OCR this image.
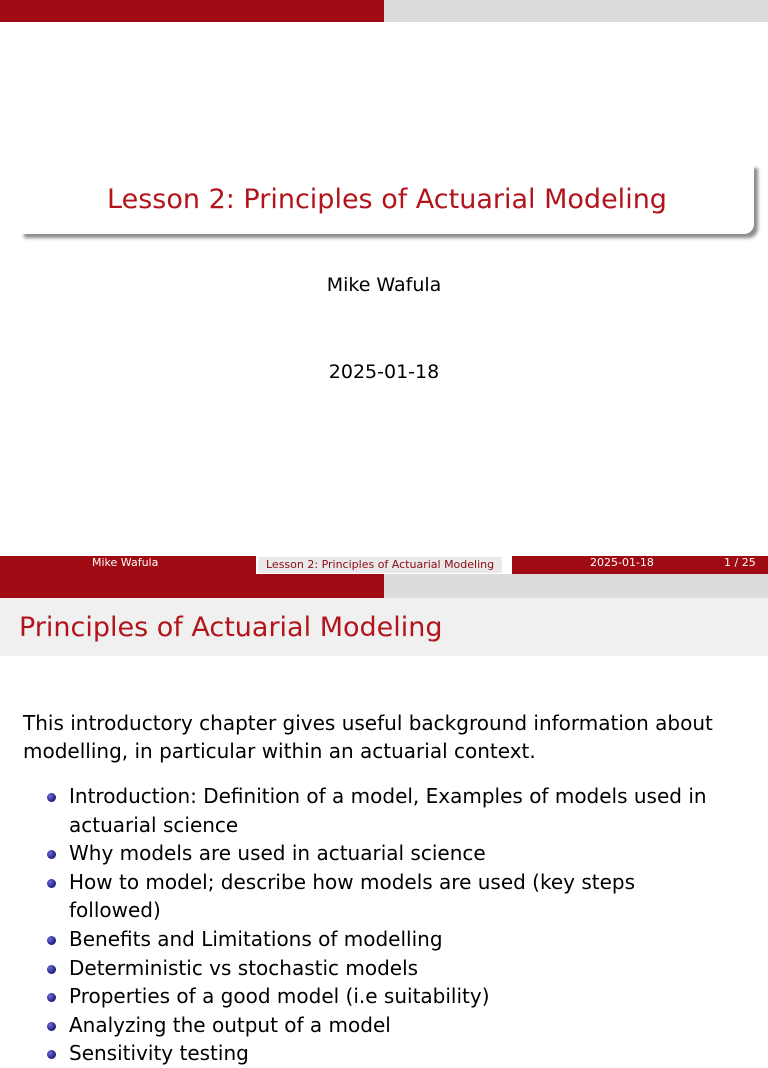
Lesson 2: Principles of Actuarial Modeling
Mike Wafula
2025-01-18
Mike Wafula	Lesson 2: Principles of Actuarial Modeling	2025-01-18	1 / 25
Principles of Actuarial Modeling
This introductory chapter gives useful background information about modelling, in particular within an actuarial context.
Introduction: Definition of a model, Examples of models used in actuarial science
Why models are used in actuarial science
How to model; describe how models are used (key steps followed)
Benefits and Limitations of modelling
Deterministic vs stochastic models
Properties of a good model (i.e suitability)
Analyzing the output of a model
Sensitivity testing
